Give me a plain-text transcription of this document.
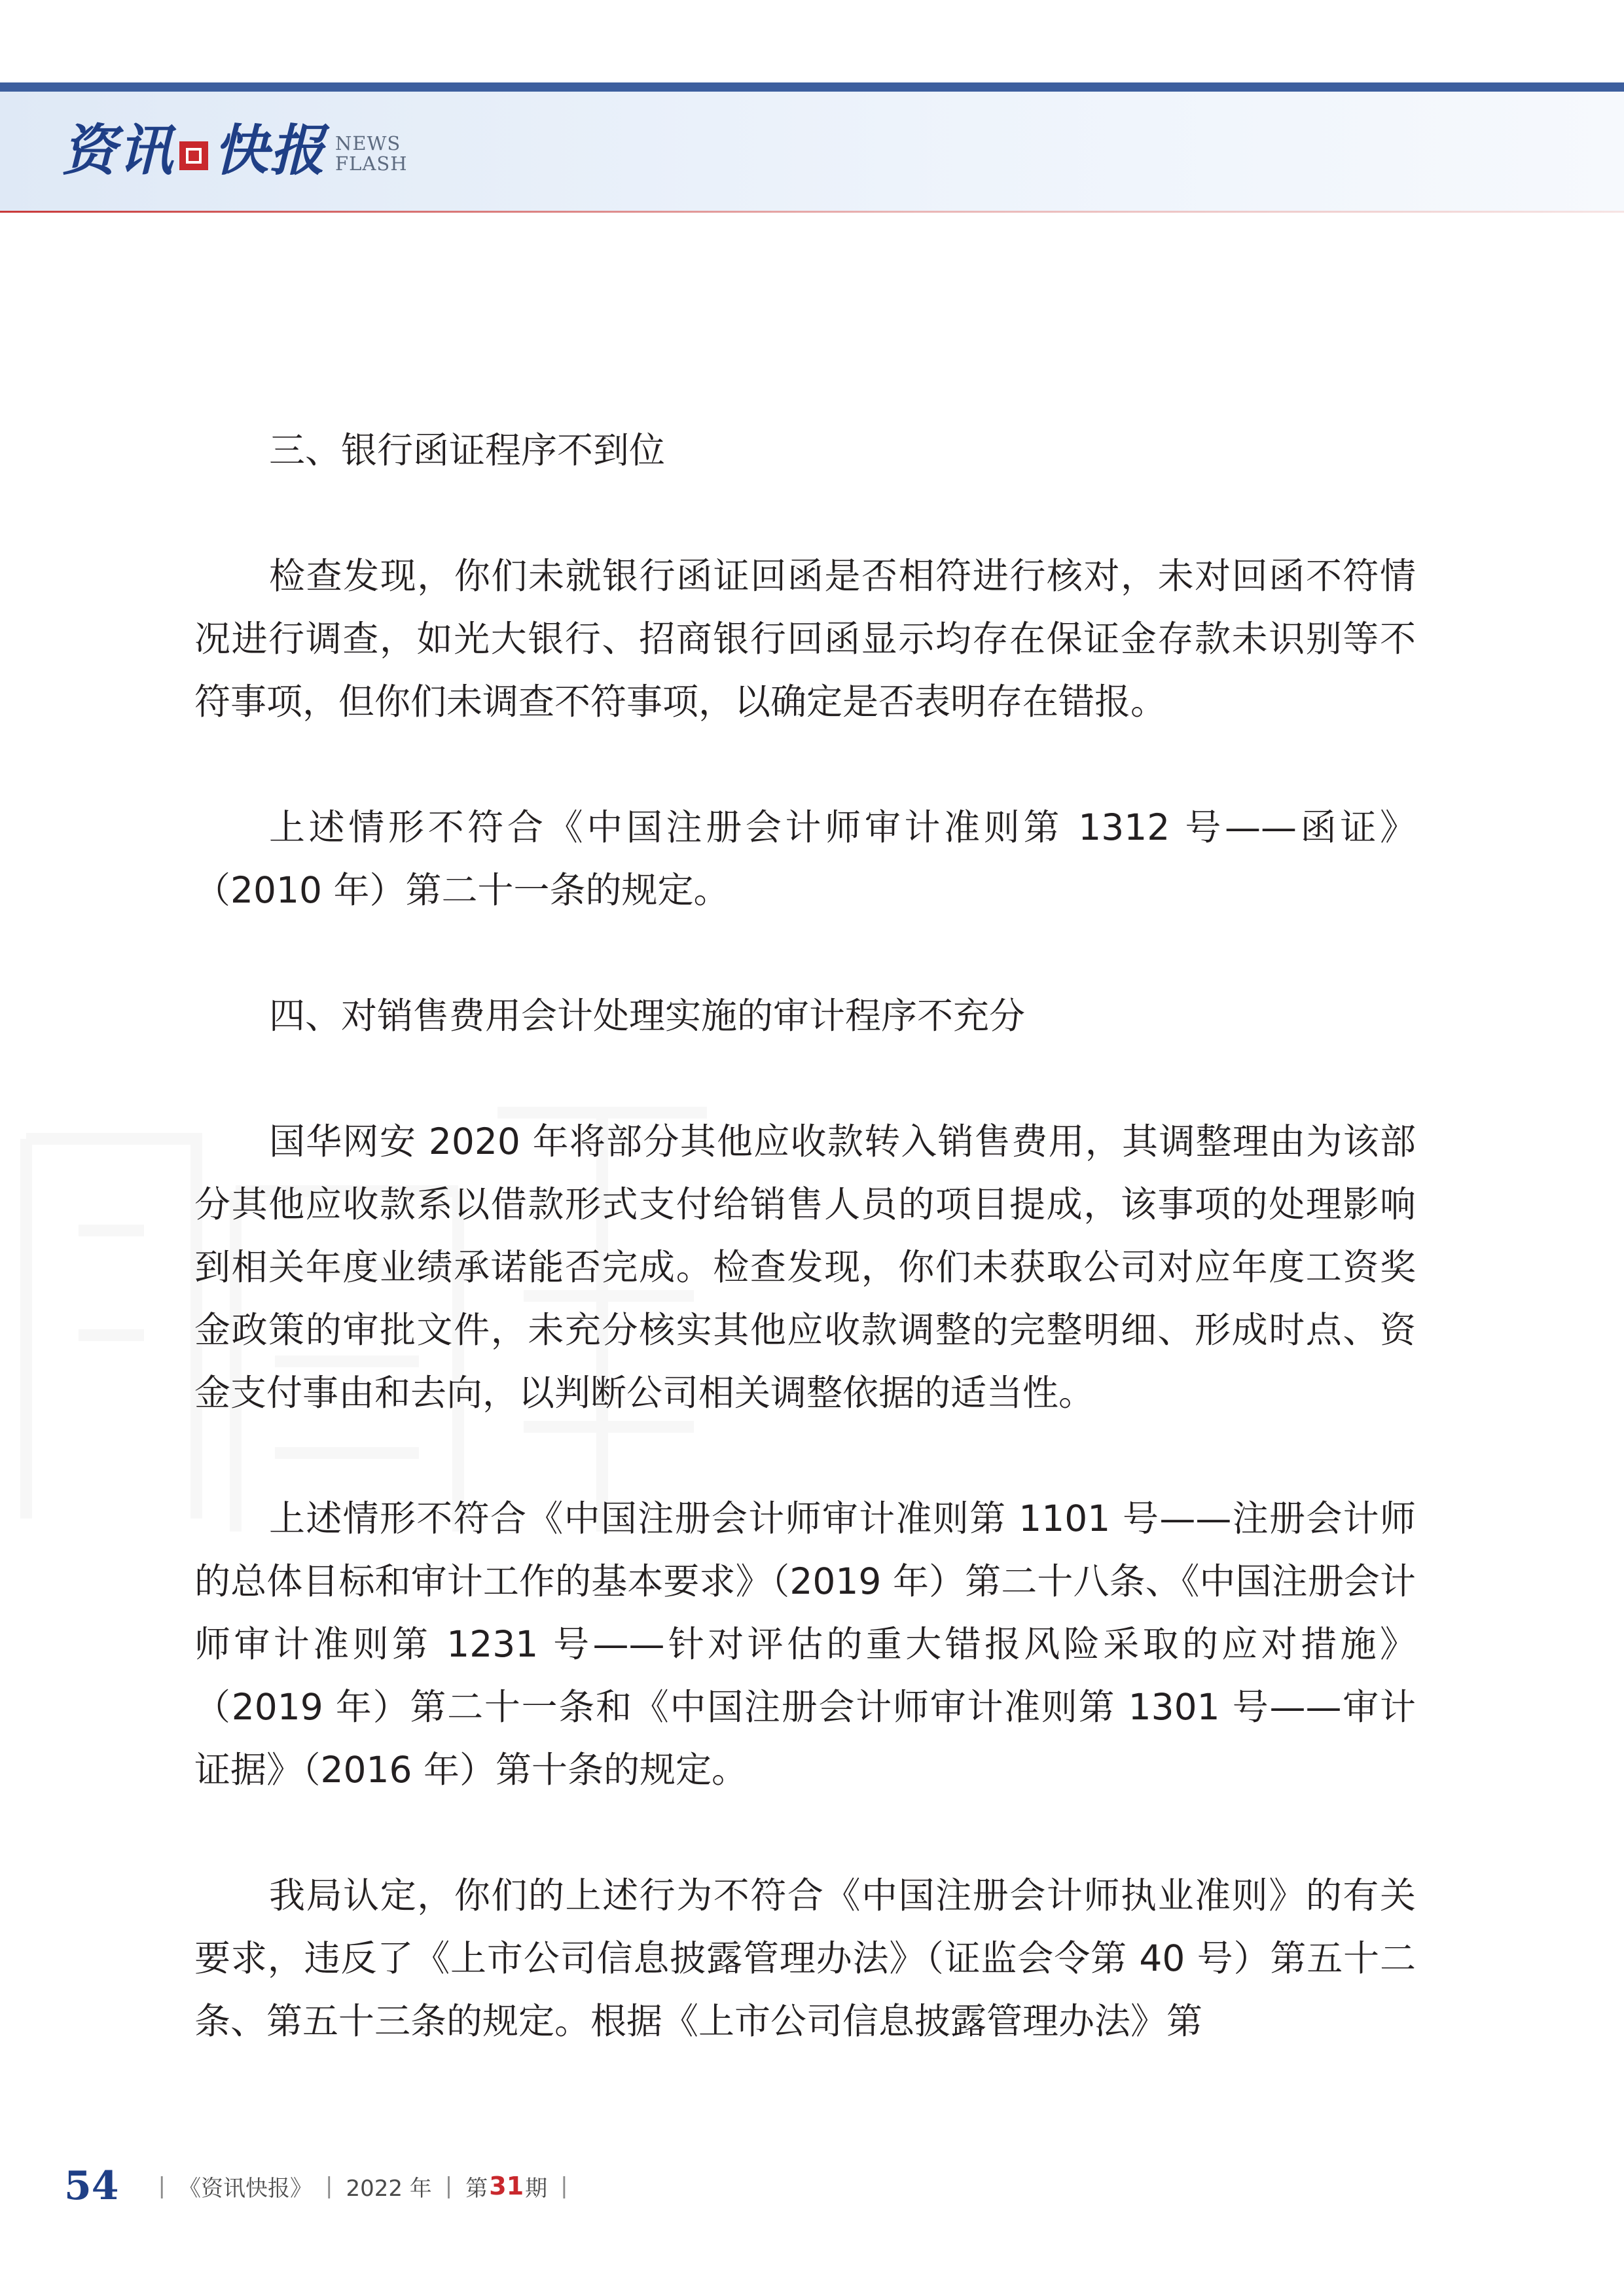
资讯 快报 NEWS
FLASH

三、银行函证程序不到位

检查发现，你们未就银行函证回函是否相符进行核对，未对回函不符情况进行调查，如光大银行、招商银行回函显示均存在保证金存款未识别等不符事项，但你们未调查不符事项，以确定是否表明存在错报。

上述情形不符合《中国注册会计师审计准则第 1312 号——函证》（2010 年）第二十一条的规定。

四、对销售费用会计处理实施的审计程序不充分

国华网安 2020 年将部分其他应收款转入销售费用，其调整理由为该部分其他应收款系以借款形式支付给销售人员的项目提成，该事项的处理影响到相关年度业绩承诺能否完成。检查发现，你们未获取公司对应年度工资奖金政策的审批文件，未充分核实其他应收款调整的完整明细、形成时点、资金支付事由和去向，以判断公司相关调整依据的适当性。

上述情形不符合《中国注册会计师审计准则第 1101 号——注册会计师的总体目标和审计工作的基本要求》（2019 年）第二十八条、《中国注册会计师审计准则第 1231 号——针对评估的重大错报风险采取的应对措施》（2019 年）第二十一条和《中国注册会计师审计准则第 1301 号——审计证据》（2016 年）第十条的规定。

我局认定，你们的上述行为不符合《中国注册会计师执业准则》的有关要求，违反了《上市公司信息披露管理办法》（证监会令第 40 号）第五十二条、第五十三条的规定。根据《上市公司信息披露管理办法》第

54 | 《资讯快报》 | 2022 年 | 第 31 期 |
